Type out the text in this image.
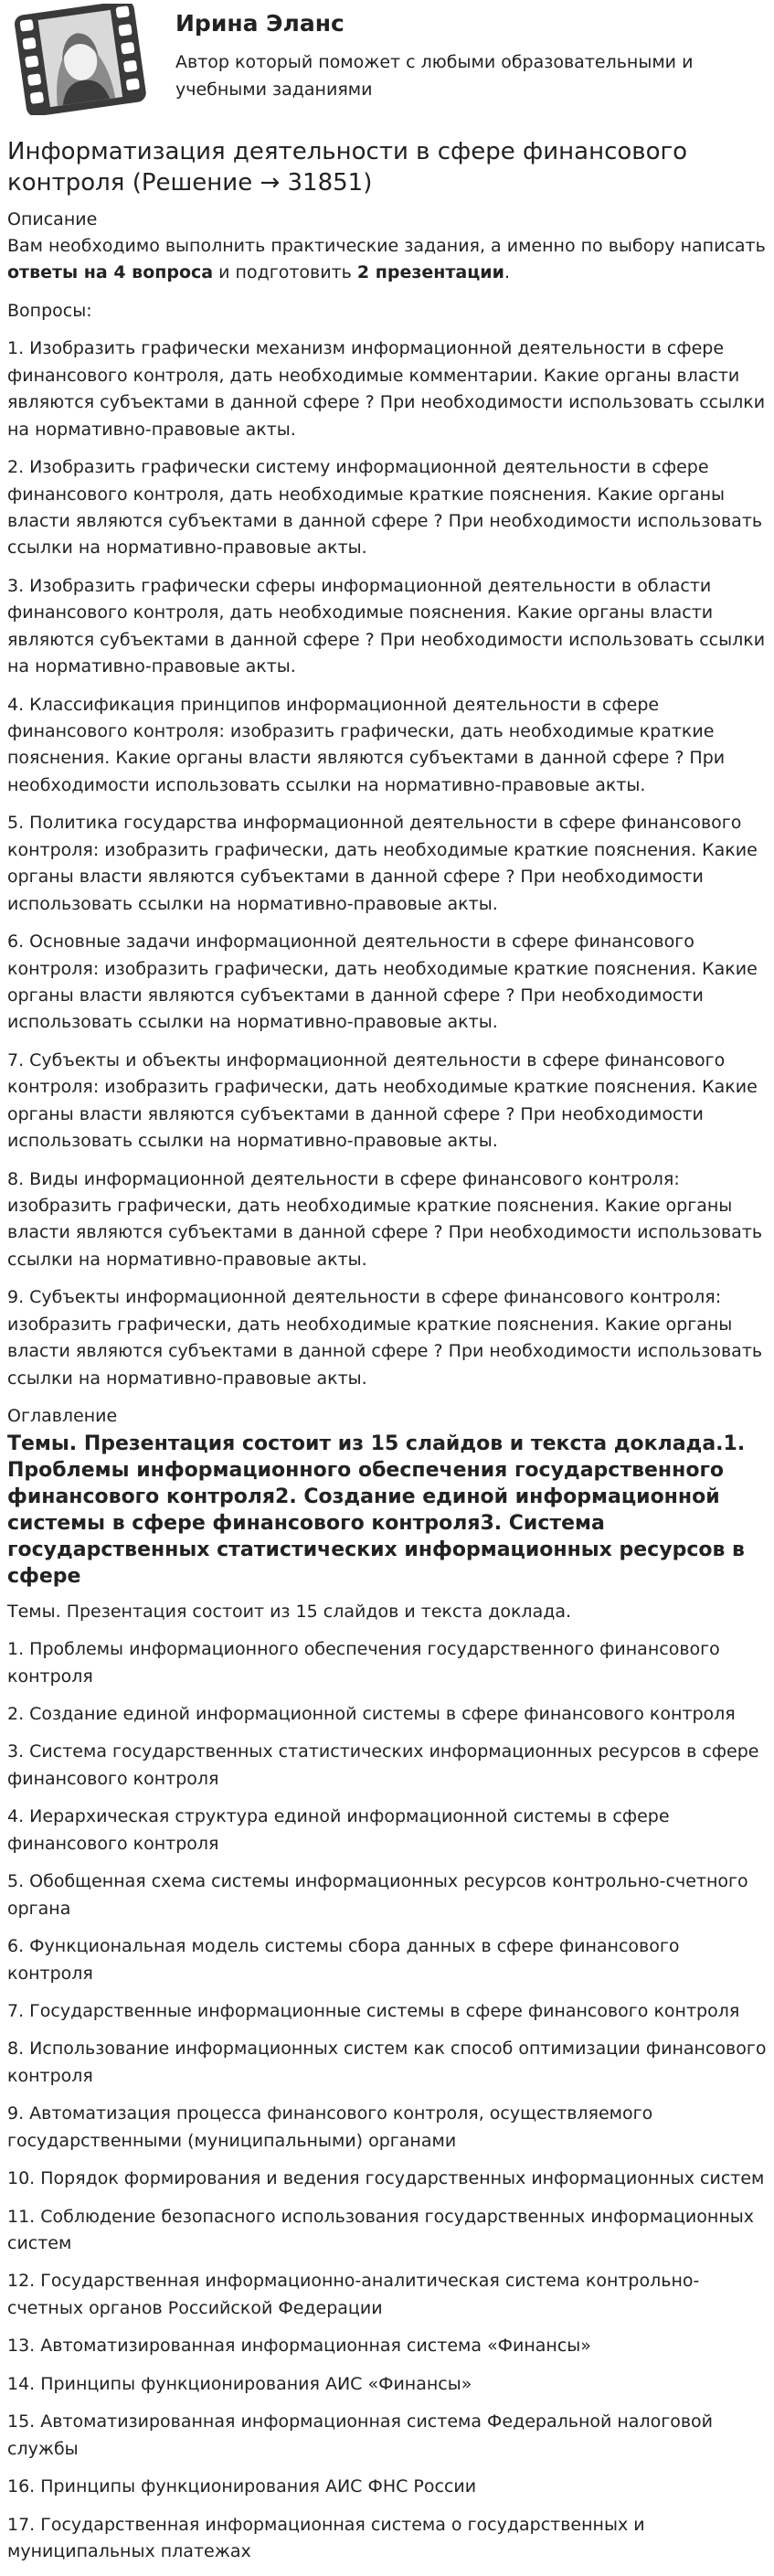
Ирина Эланс
Автор который поможет с любыми образовательными и учебными заданиями
Информатизация деятельности в сфере финансового контроля (Решение → 31851)
Описание

Вам необходимо выполнить практические задания, а именно по выбору написать ответы на 4 вопроса и подготовить 2 презентации.

Вопросы:

1. Изобразить графически механизм информационной деятельности в сфере финансового контроля, дать необходимые комментарии. Какие органы власти являются субъектами в данной сфере ? При необходимости использовать ссылки на нормативно-правовые акты.

2. Изобразить графически систему информационной деятельности в сфере финансового контроля, дать необходимые краткие пояснения. Какие органы власти являются субъектами в данной сфере ? При необходимости использовать ссылки на нормативно-правовые акты.

3. Изобразить графически сферы информационной деятельности в области финансового контроля, дать необходимые пояснения. Какие органы власти являются субъектами в данной сфере ? При необходимости использовать ссылки на нормативно-правовые акты.

4. Классификация принципов информационной деятельности в сфере финансового контроля: изобразить графически, дать необходимые краткие пояснения. Какие органы власти являются субъектами в данной сфере ? При необходимости использовать ссылки на нормативно-правовые акты.

5. Политика государства информационной деятельности в сфере финансового контроля: изобразить графически, дать необходимые краткие пояснения. Какие органы власти являются субъектами в данной сфере ? При необходимости использовать ссылки на нормативно-правовые акты.

6. Основные задачи информационной деятельности в сфере финансового контроля: изобразить графически, дать необходимые краткие пояснения. Какие органы власти являются субъектами в данной сфере ? При необходимости использовать ссылки на нормативно-правовые акты.

7. Субъекты и объекты информационной деятельности в сфере финансового контроля: изобразить графически, дать необходимые краткие пояснения. Какие органы власти являются субъектами в данной сфере ? При необходимости использовать ссылки на нормативно-правовые акты.

8. Виды информационной деятельности в сфере финансового контроля: изобразить графически, дать необходимые краткие пояснения. Какие органы власти являются субъектами в данной сфере ? При необходимости использовать ссылки на нормативно-правовые акты.

9. Субъекты информационной деятельности в сфере финансового контроля: изобразить графически, дать необходимые краткие пояснения. Какие органы власти являются субъектами в данной сфере ? При необходимости использовать ссылки на нормативно-правовые акты.

Оглавление
Темы. Презентация состоит из 15 слайдов и текста доклада.1. Проблемы информационного обеспечения государственного финансового контроля2. Создание единой информационной системы в сфере финансового контроля3. Система государственных статистических информационных ресурсов в сфере

Темы. Презентация состоит из 15 слайдов и текста доклада.

1. Проблемы информационного обеспечения государственного финансового контроля

2. Создание единой информационной системы в сфере финансового контроля

3. Система государственных статистических информационных ресурсов в сфере финансового контроля

4. Иерархическая структура единой информационной системы в сфере финансового контроля

5. Обобщенная схема системы информационных ресурсов контрольно-счетного органа

6. Функциональная модель системы сбора данных в сфере финансового контроля

7. Государственные информационные системы в сфере финансового контроля

8. Использование информационных систем как способ оптимизации финансового контроля

9. Автоматизация процесса финансового контроля, осуществляемого государственными (муниципальными) органами

10. Порядок формирования и ведения государственных информационных систем

11. Соблюдение безопасного использования государственных информационных систем

12. Государственная информационно-аналитическая система контрольно-счетных органов Российской Федерации

13. Автоматизированная информационная система «Финансы»

14. Принципы функционирования АИС «Финансы»

15. Автоматизированная информационная система Федеральной налоговой службы

16. Принципы функционирования АИС ФНС России

17. Государственная информационная система о государственных и муниципальных платежах
